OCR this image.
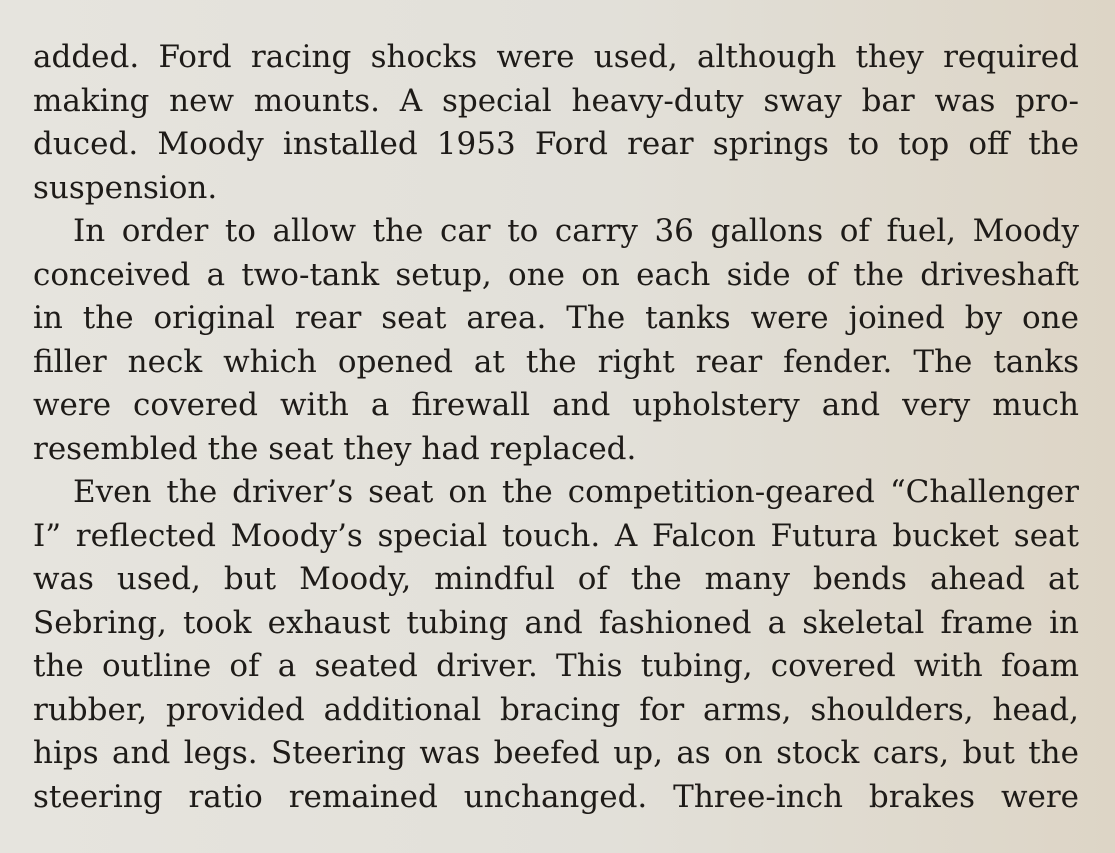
added. Ford racing shocks were used, although they required
making new mounts. A special heavy-duty sway bar was pro-
duced. Moody installed 1953 Ford rear springs to top off the
suspension.
In order to allow the car to carry 36 gallons of fuel, Moody
conceived a two-tank setup, one on each side of the driveshaft
in the original rear seat area. The tanks were joined by one
filler neck which opened at the right rear fender. The tanks
were covered with a firewall and upholstery and very much
resembled the seat they had replaced.
Even the driver’s seat on the competition-geared “Challenger
I” reflected Moody’s special touch. A Falcon Futura bucket seat
was used, but Moody, mindful of the many bends ahead at
Sebring, took exhaust tubing and fashioned a skeletal frame in
the outline of a seated driver. This tubing, covered with foam
rubber, provided additional bracing for arms, shoulders, head,
hips and legs. Steering was beefed up, as on stock cars, but the
steering ratio remained unchanged. Three-inch brakes were
